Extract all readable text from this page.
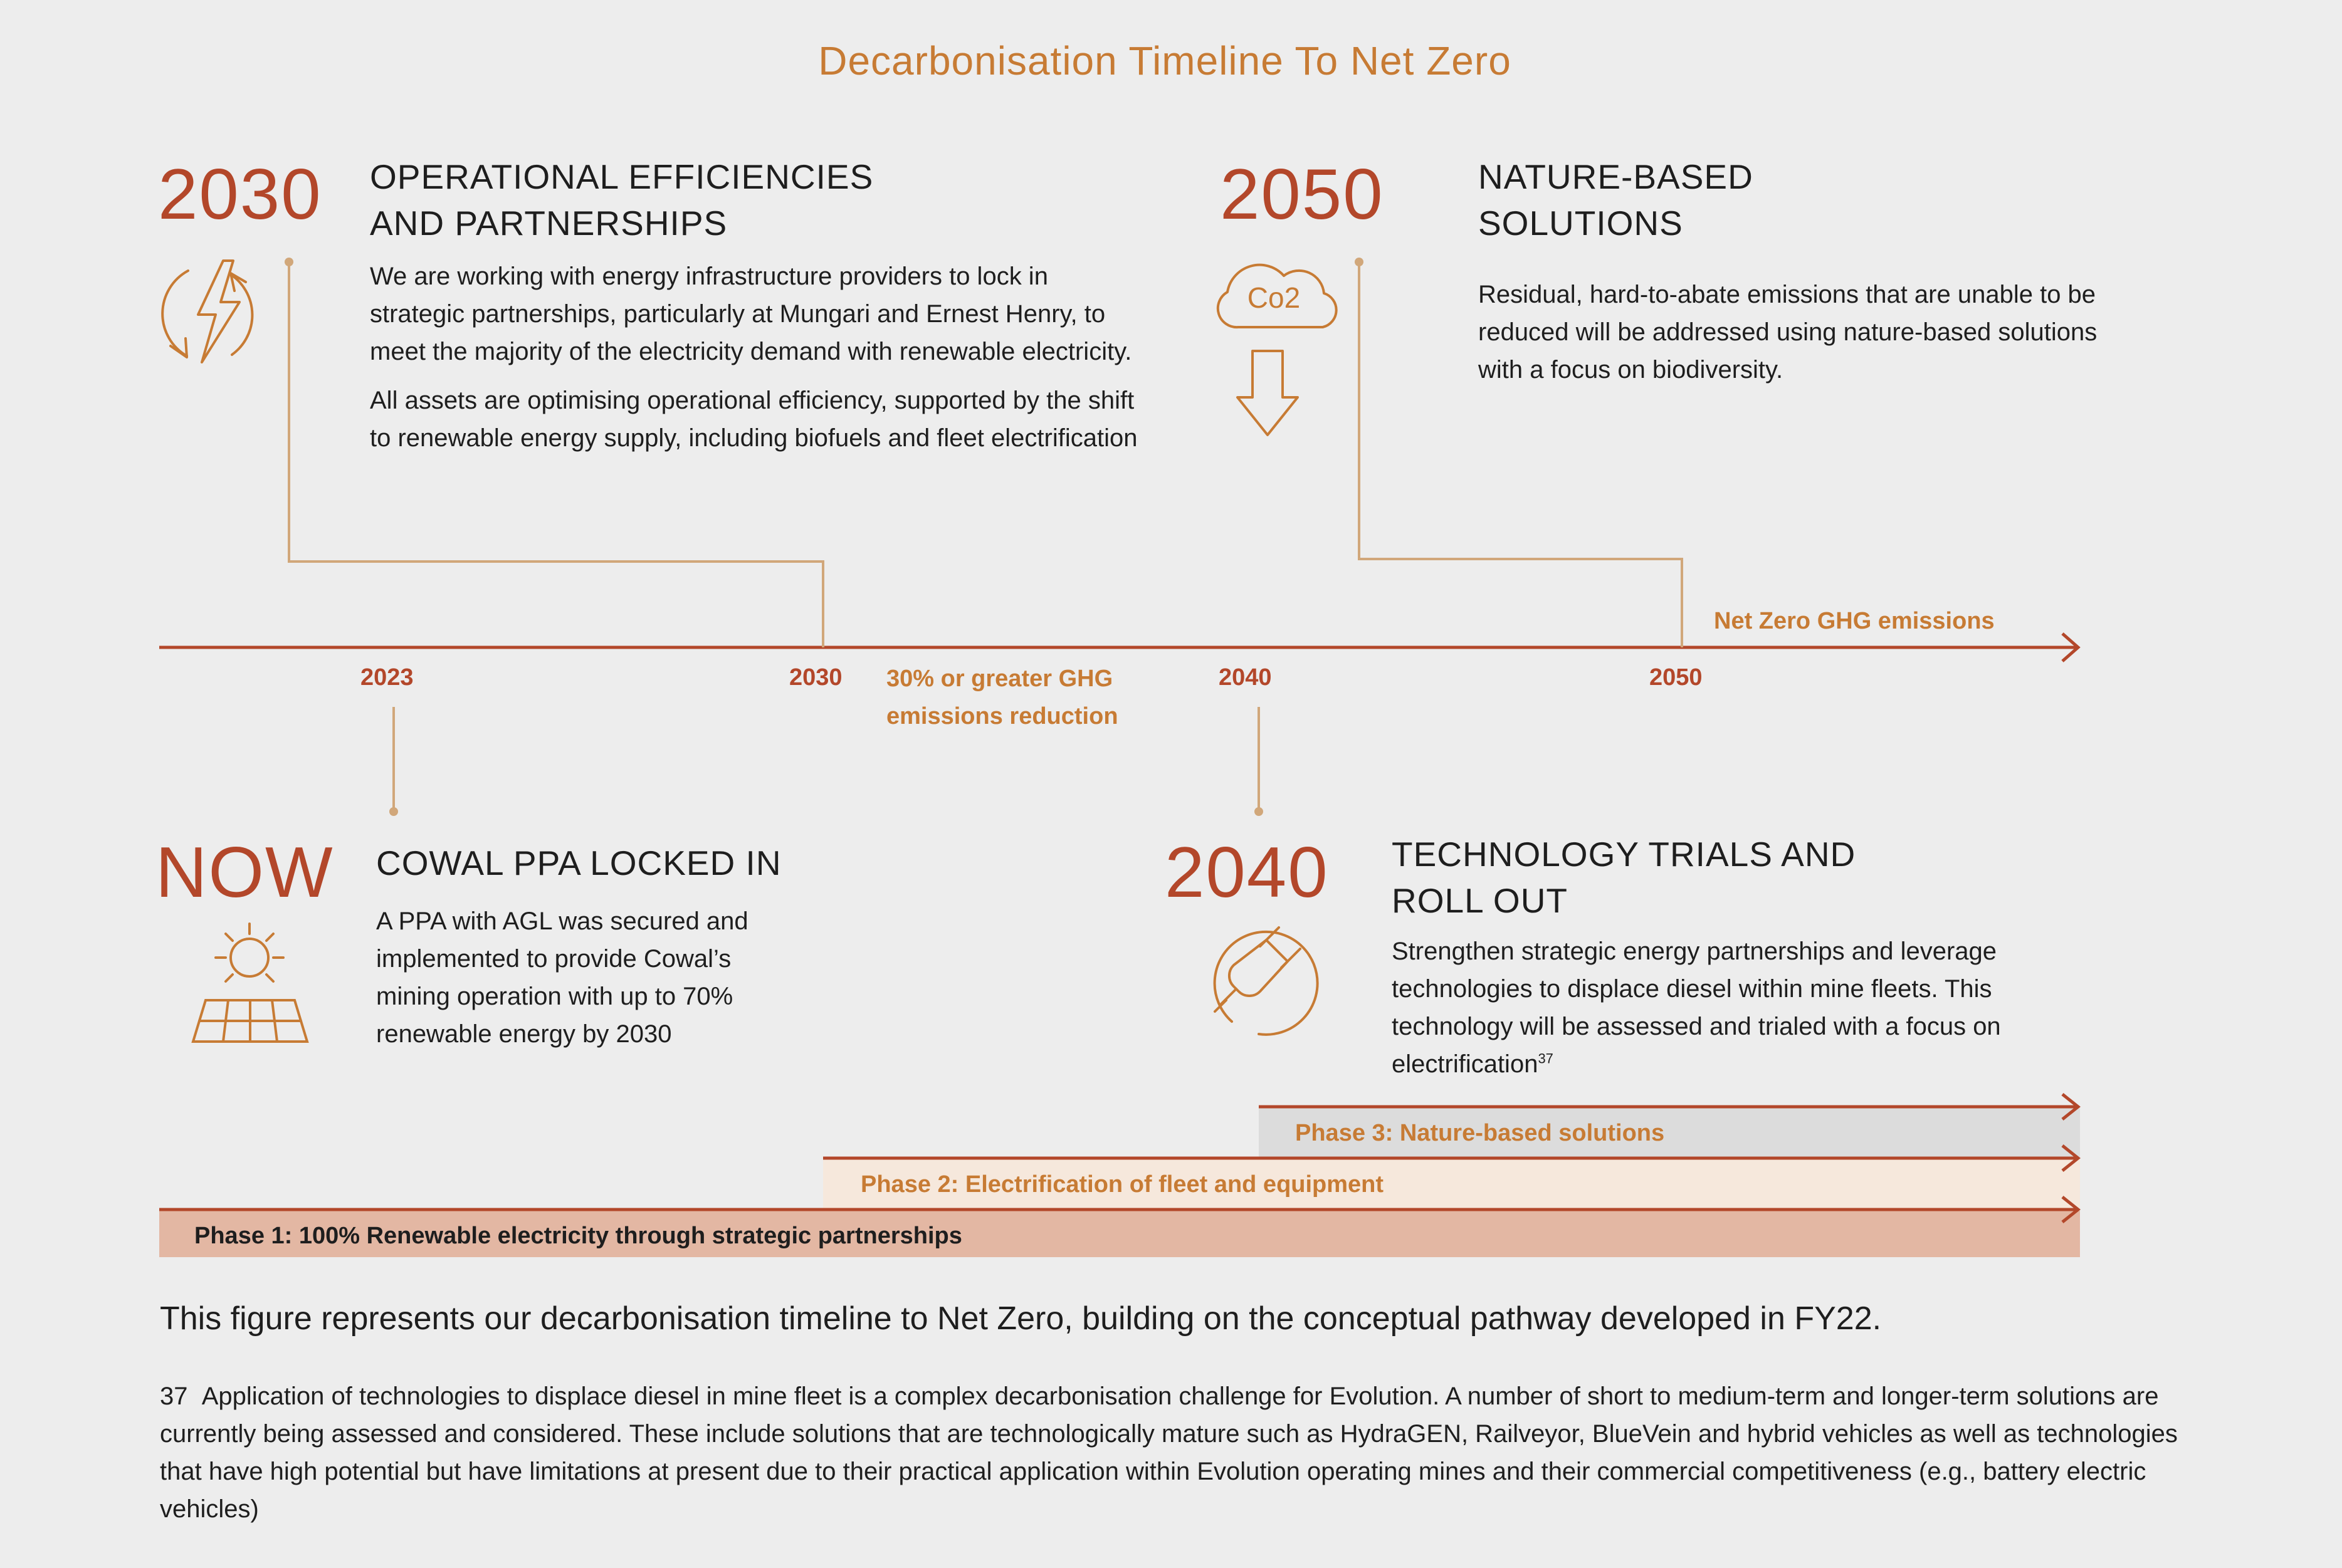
Co2
Decarbonisation Timeline To Net Zero
2030 OPERATIONAL EFFICIENCIES
AND PARTNERSHIPS

We are working with energy infrastructure providers to lock in strategic partnerships, particularly at Mungari and Ernest Henry, to meet the majority of the electricity demand with renewable electricity.

All assets are optimising operational efficiency, supported by the shift to renewable energy supply, including biofuels and fleet electrification

2050	NATURE-BASED
SOLUTIONS

Residual, hard-to-abate emissions that are unable to be reduced will be addressed using nature-based solutions with a focus on biodiversity.

2023	2030	2040	2050
30% or greater GHG
emissions reduction
Net Zero GHG emissions
NOW COWAL PPA LOCKED IN

A PPA with AGL was secured and implemented to provide Cowal’s mining operation with up to 70% renewable energy by 2030

2040 TECHNOLOGY TRIALS AND
ROLL OUT

Strengthen strategic energy partnerships and leverage technologies to displace diesel within mine fleets. This technology will be assessed and trialed with a focus on electrification$^{37}$

Phase 3: Nature-based solutions
Phase 2: Electrification of fleet and equipment
Phase 1: 100% Renewable electricity through strategic partnerships
This figure represents our decarbonisation timeline to Net Zero, building on the conceptual pathway developed in FY22.
37 Application of technologies to displace diesel in mine fleet is a complex decarbonisation challenge for Evolution. A number of short to medium-term and longer-term solutions are currently being assessed and considered. These include solutions that are technologically mature such as HydraGEN, Railveyor, BlueVein and hybrid vehicles as well as technologies that have high potential but have limitations at present due to their practical application within Evolution operating mines and their commercial competitiveness (e.g., battery electric vehicles)
